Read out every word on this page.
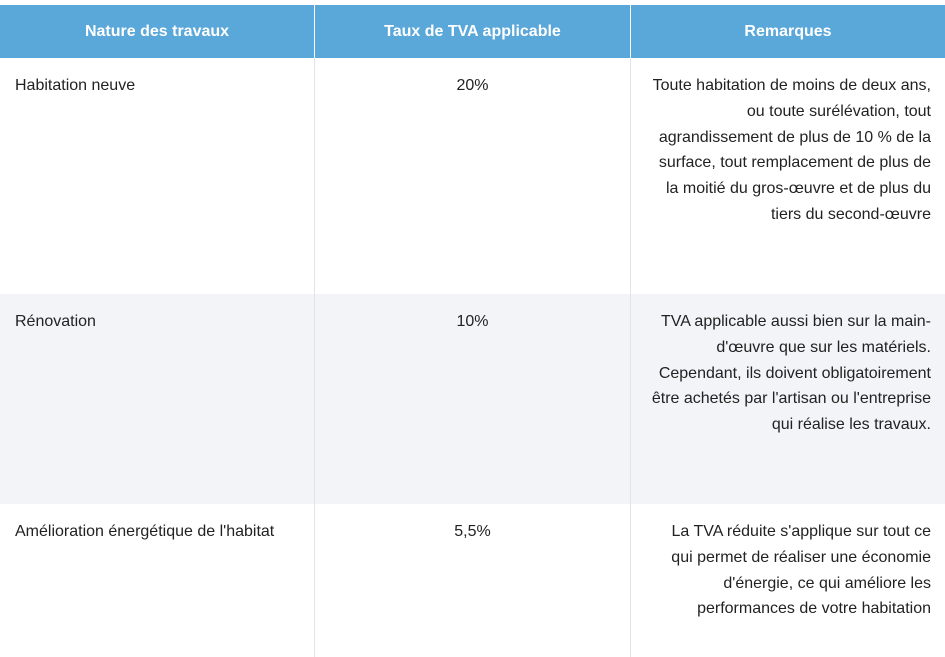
Nature des travaux	Taux de TVA applicable	Remarques
Habitation neuve	20%	Toute habitation de moins de deux ans, ou toute surélévation, tout agrandissement de plus de 10 % de la surface, tout remplacement de plus de la moitié du gros-œuvre et de plus du tiers du second-œuvre
Rénovation	10%	TVA applicable aussi bien sur la main-d'œuvre que sur les matériels. Cependant, ils doivent obligatoirement être achetés par l'artisan ou l'entreprise qui réalise les travaux.
Amélioration énergétique de l'habitat	5,5%	La TVA réduite s'applique sur tout ce qui permet de réaliser une économie d'énergie, ce qui améliore les performances de votre habitation
